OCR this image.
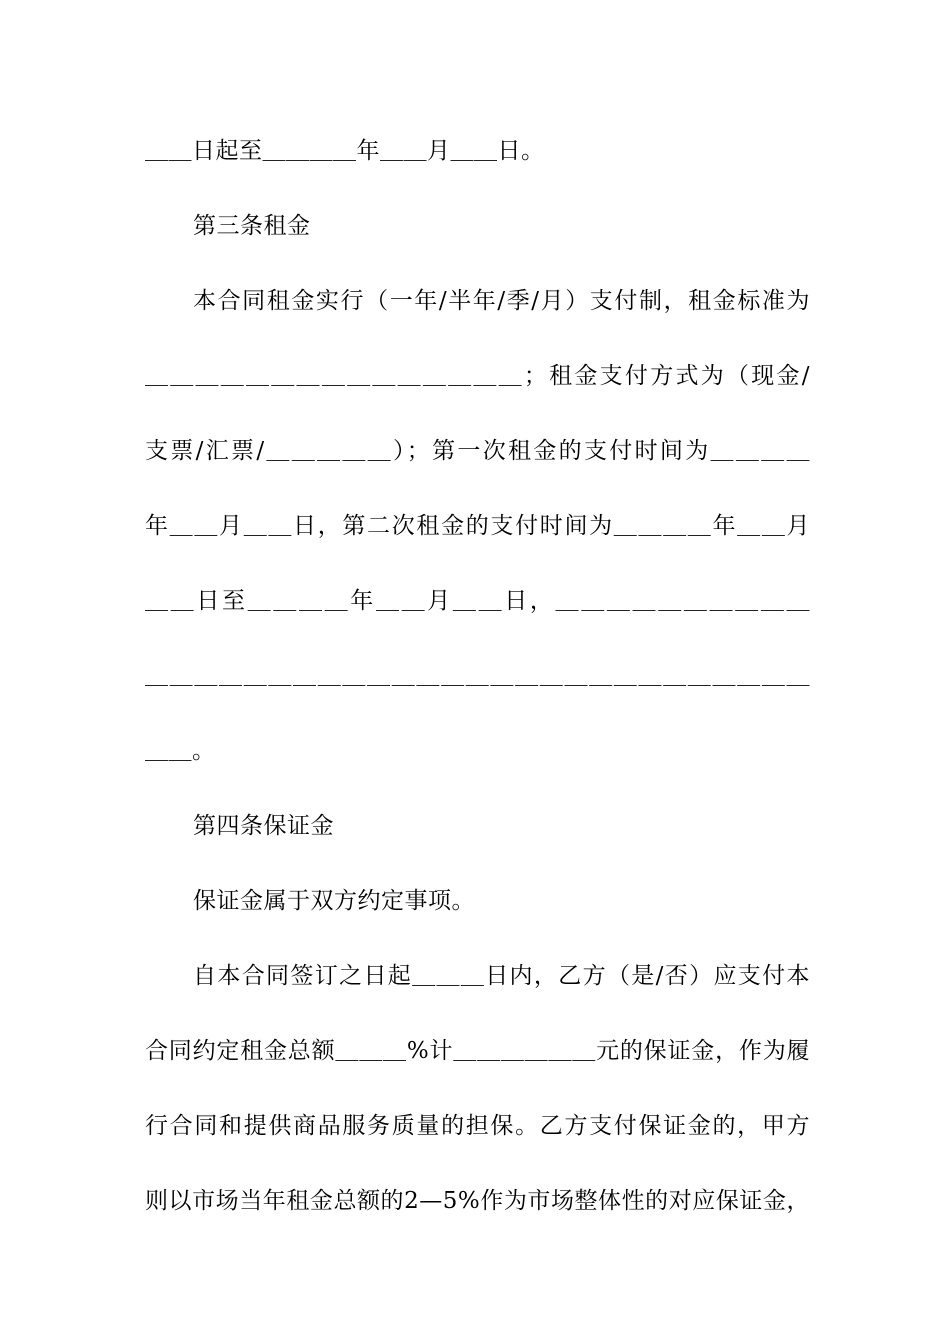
＿＿日起至＿＿＿＿年＿＿月＿＿日。
第三条租金
本合同租金实行（一年/半年/季/月）支付制，租金标准为
＿＿＿＿＿＿＿＿＿＿＿＿＿＿＿；租金支付方式为（现金/
支票/汇票/＿＿＿＿＿）；第一次租金的支付时间为＿＿＿＿
年＿＿月＿＿日，第二次租金的支付时间为＿＿＿＿年＿＿月
＿＿日至＿＿＿＿年＿＿月＿＿日，＿＿＿＿＿＿＿＿＿＿
＿＿＿＿＿＿＿＿＿＿＿＿＿＿＿＿＿＿＿＿＿＿＿＿＿＿＿
＿＿。
第四条保证金
保证金属于双方约定事项。
自本合同签订之日起＿＿＿日内，乙方（是/否）应支付本
合同约定租金总额＿＿＿%计＿＿＿＿＿＿元的保证金，作为履
行合同和提供商品服务质量的担保。乙方支付保证金的，甲方
则以市场当年租金总额的2—5%作为市场整体性的对应保证金，
